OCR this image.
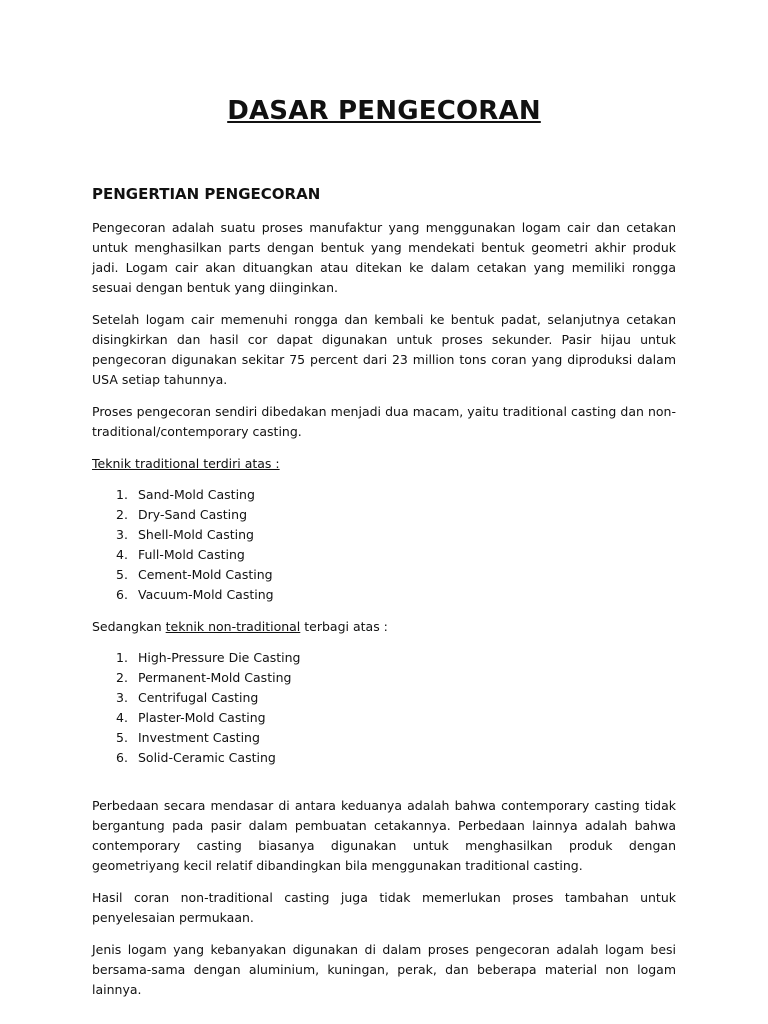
DASAR PENGECORAN
PENGERTIAN PENGECORAN

Pengecoran adalah suatu proses manufaktur yang menggunakan logam cair dan cetakan untuk menghasilkan parts dengan bentuk yang mendekati bentuk geometri akhir produk jadi. Logam cair akan dituangkan atau ditekan ke dalam cetakan yang memiliki rongga sesuai dengan bentuk yang diinginkan.

Setelah logam cair memenuhi rongga dan kembali ke bentuk padat, selanjutnya cetakan disingkirkan dan hasil cor dapat digunakan untuk proses sekunder. Pasir hijau untuk pengecoran digunakan sekitar 75 percent dari 23 million tons coran yang diproduksi dalam USA setiap tahunnya.

Proses pengecoran sendiri dibedakan menjadi dua macam, yaitu traditional casting dan non-traditional/contemporary casting.

Teknik traditional terdiri atas :
1. Sand-Mold Casting
2. Dry-Sand Casting
3. Shell-Mold Casting
4. Full-Mold Casting
5. Cement-Mold Casting
6. Vacuum-Mold Casting
Sedangkan teknik non-traditional terbagi atas :
1. High-Pressure Die Casting
2. Permanent-Mold Casting
3. Centrifugal Casting
4. Plaster-Mold Casting
5. Investment Casting
6. Solid-Ceramic Casting

Perbedaan secara mendasar di antara keduanya adalah bahwa contemporary casting tidak bergantung pada pasir dalam pembuatan cetakannya. Perbedaan lainnya adalah bahwa contemporary casting biasanya digunakan untuk menghasilkan produk dengan geometriyang kecil relatif dibandingkan bila menggunakan traditional casting.

Hasil coran non-traditional casting juga tidak memerlukan proses tambahan untuk penyelesaian permukaan.

Jenis logam yang kebanyakan digunakan di dalam proses pengecoran adalah logam besi bersama-sama dengan aluminium, kuningan, perak, dan beberapa material non logam lainnya.
